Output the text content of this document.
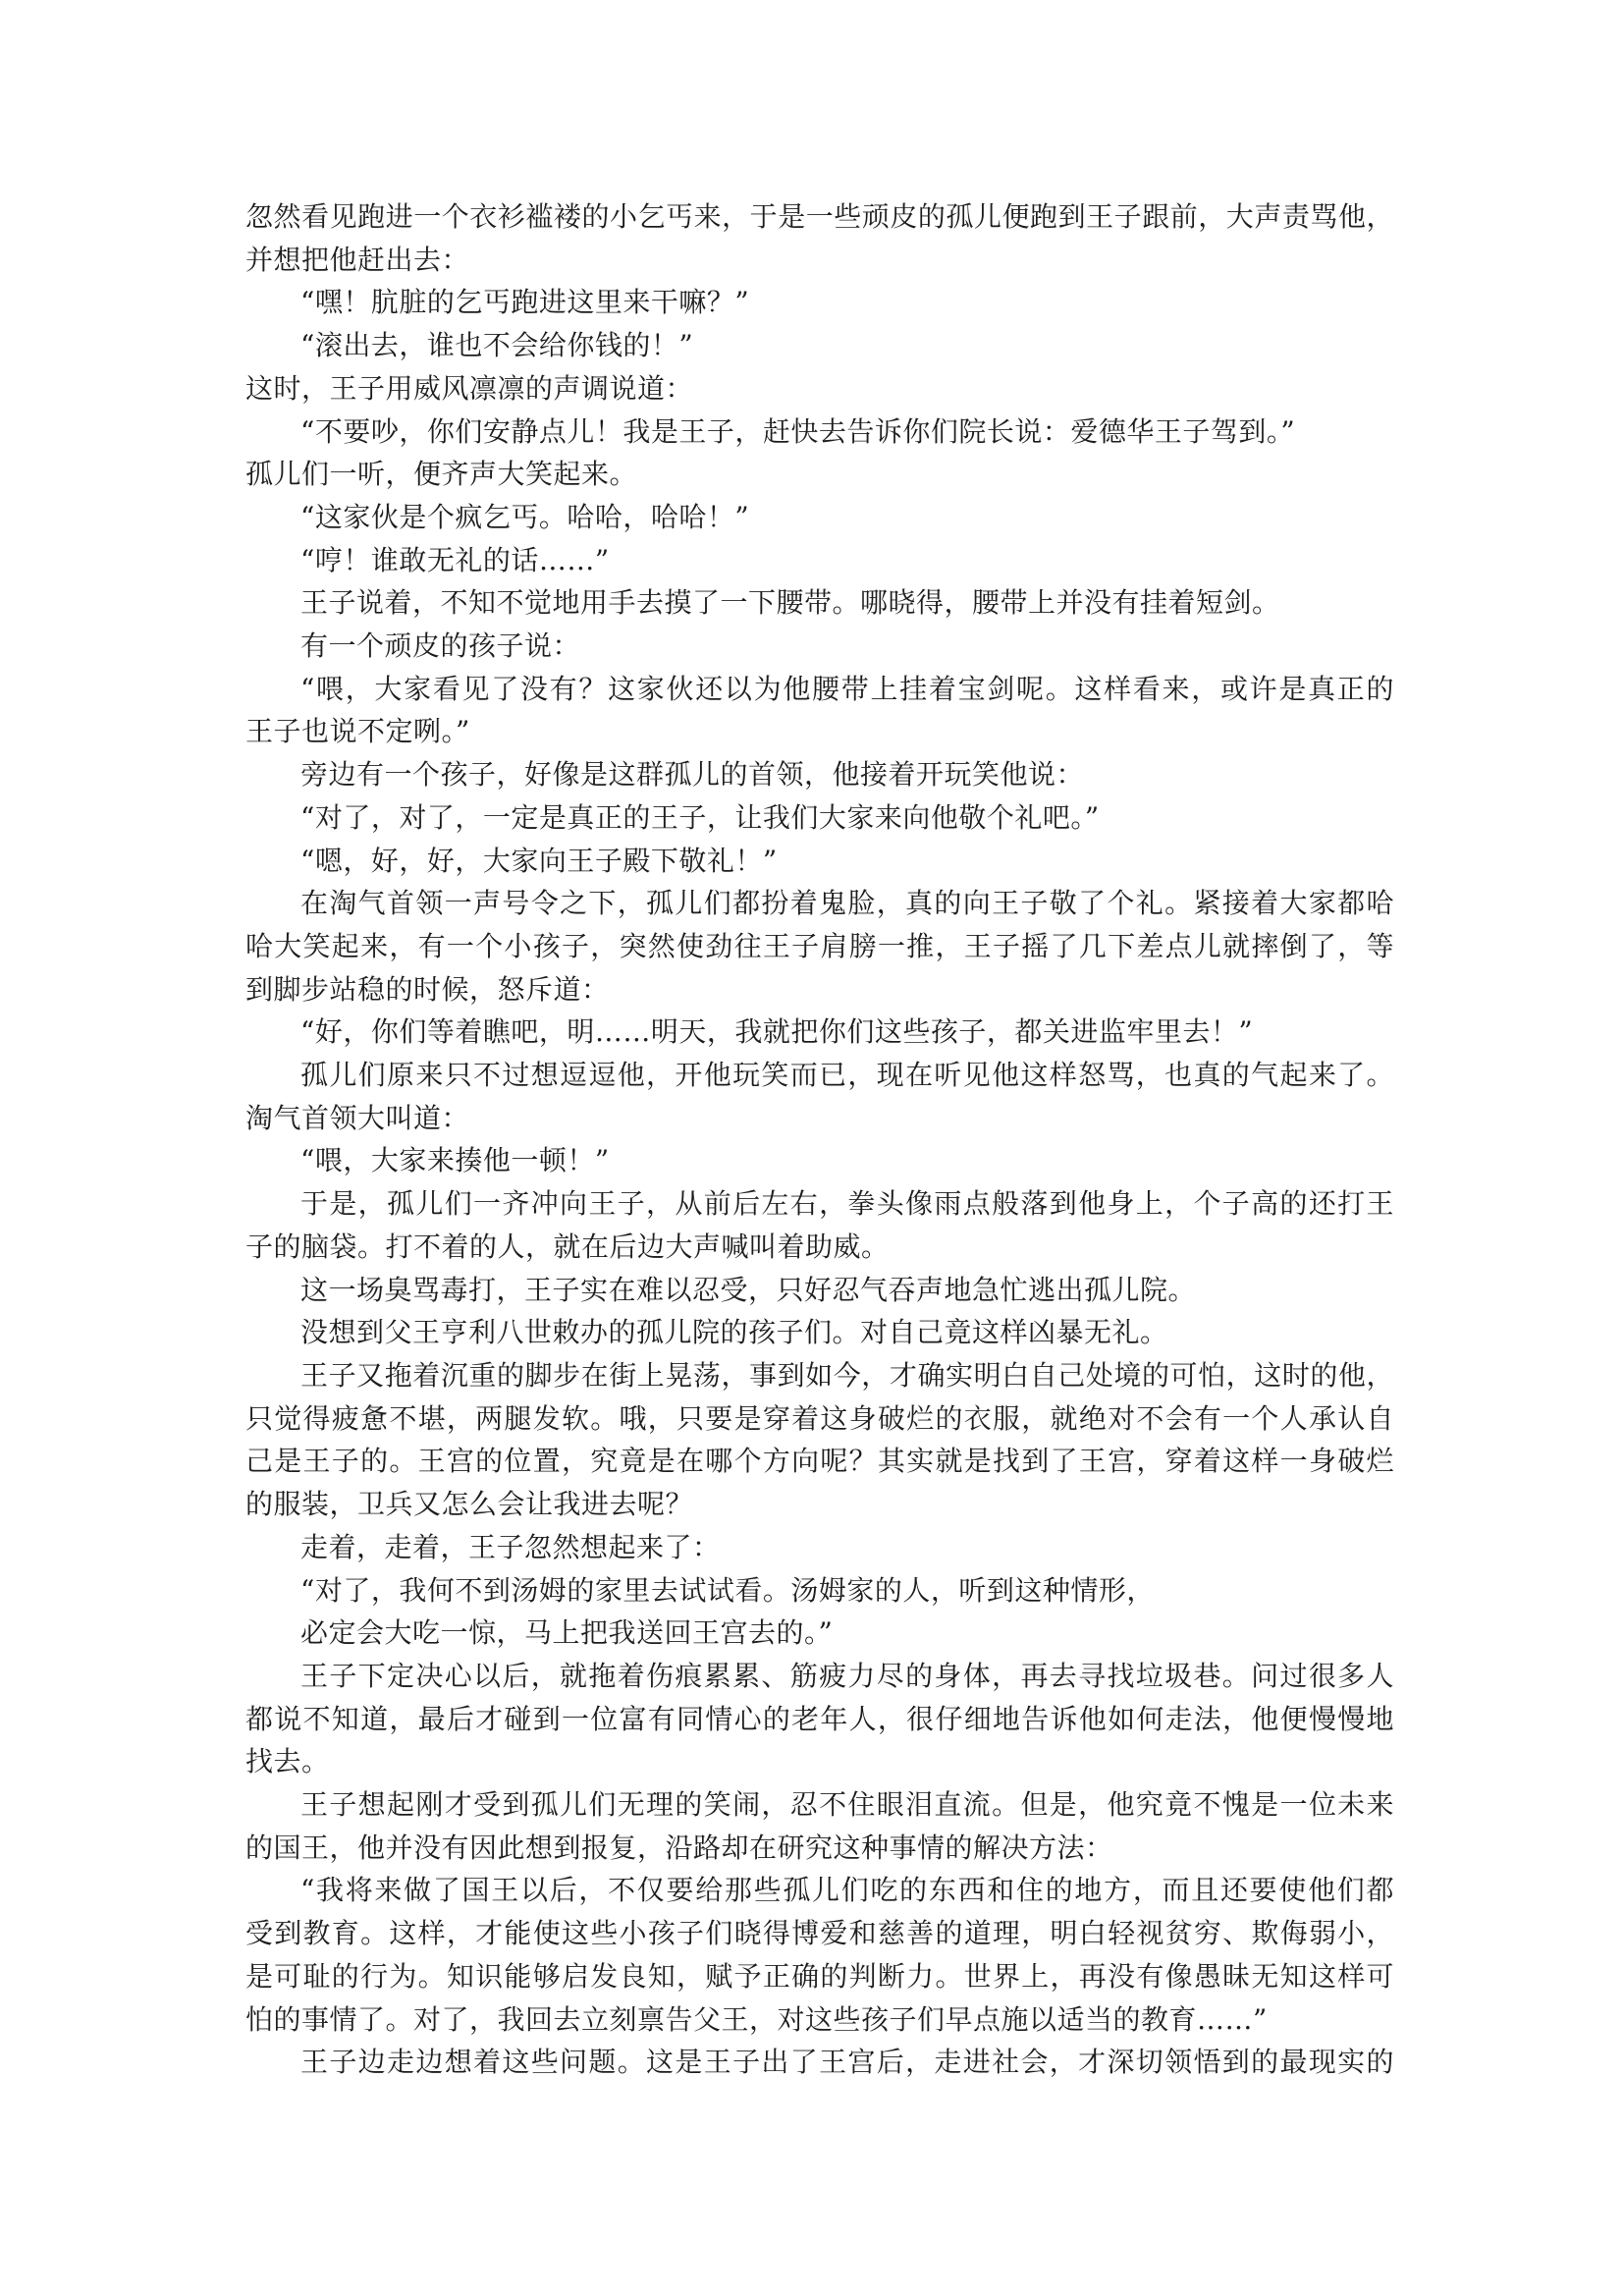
忽然看见跑进一个衣衫褴褛的小乞丐来，于是一些顽皮的孤儿便跑到王子跟前，大声责骂他，

并想把他赶出去：

“嘿！肮脏的乞丐跑进这里来干嘛？”

“滚出去，谁也不会给你钱的！”

这时，王子用威风凛凛的声调说道：

“不要吵，你们安静点儿！我是王子，赶快去告诉你们院长说：爱德华王子驾到。”

孤儿们一听，便齐声大笑起来。

“这家伙是个疯乞丐。哈哈，哈哈！”

“哼！谁敢无礼的话……”

王子说着，不知不觉地用手去摸了一下腰带。哪晓得，腰带上并没有挂着短剑。

有一个顽皮的孩子说：

“喂，大家看见了没有？这家伙还以为他腰带上挂着宝剑呢。这样看来，或许是真正的

王子也说不定咧。”

旁边有一个孩子，好像是这群孤儿的首领，他接着开玩笑他说：

“对了，对了，一定是真正的王子，让我们大家来向他敬个礼吧。”

“嗯，好，好，大家向王子殿下敬礼！”

在淘气首领一声号令之下，孤儿们都扮着鬼脸，真的向王子敬了个礼。紧接着大家都哈

哈大笑起来，有一个小孩子，突然使劲往王子肩膀一推，王子摇了几下差点儿就摔倒了，等

到脚步站稳的时候，怒斥道：

“好，你们等着瞧吧，明……明天，我就把你们这些孩子，都关进监牢里去！”

孤儿们原来只不过想逗逗他，开他玩笑而已，现在听见他这样怒骂，也真的气起来了。

淘气首领大叫道：

“喂，大家来揍他一顿！”

于是，孤儿们一齐冲向王子，从前后左右，拳头像雨点般落到他身上，个子高的还打王

子的脑袋。打不着的人，就在后边大声喊叫着助威。

这一场臭骂毒打，王子实在难以忍受，只好忍气吞声地急忙逃出孤儿院。

没想到父王亨利八世敕办的孤儿院的孩子们。对自己竟这样凶暴无礼。

王子又拖着沉重的脚步在街上晃荡，事到如今，才确实明白自己处境的可怕，这时的他，

只觉得疲惫不堪，两腿发软。哦，只要是穿着这身破烂的衣服，就绝对不会有一个人承认自

己是王子的。王宫的位置，究竟是在哪个方向呢？其实就是找到了王宫，穿着这样一身破烂

的服装，卫兵又怎么会让我进去呢？

走着，走着，王子忽然想起来了：

“对了，我何不到汤姆的家里去试试看。汤姆家的人，听到这种情形，

必定会大吃一惊，马上把我送回王宫去的。”

王子下定决心以后，就拖着伤痕累累、筋疲力尽的身体，再去寻找垃圾巷。问过很多人

都说不知道，最后才碰到一位富有同情心的老年人，很仔细地告诉他如何走法，他便慢慢地

找去。

王子想起刚才受到孤儿们无理的笑闹，忍不住眼泪直流。但是，他究竟不愧是一位未来

的国王，他并没有因此想到报复，沿路却在研究这种事情的解决方法：

“我将来做了国王以后，不仅要给那些孤儿们吃的东西和住的地方，而且还要使他们都

受到教育。这样，才能使这些小孩子们晓得博爱和慈善的道理，明白轻视贫穷、欺侮弱小，

是可耻的行为。知识能够启发良知，赋予正确的判断力。世界上，再没有像愚昧无知这样可

怕的事情了。对了，我回去立刻禀告父王，对这些孩子们早点施以适当的教育……”

王子边走边想着这些问题。这是王子出了王宫后，走进社会，才深切领悟到的最现实的
